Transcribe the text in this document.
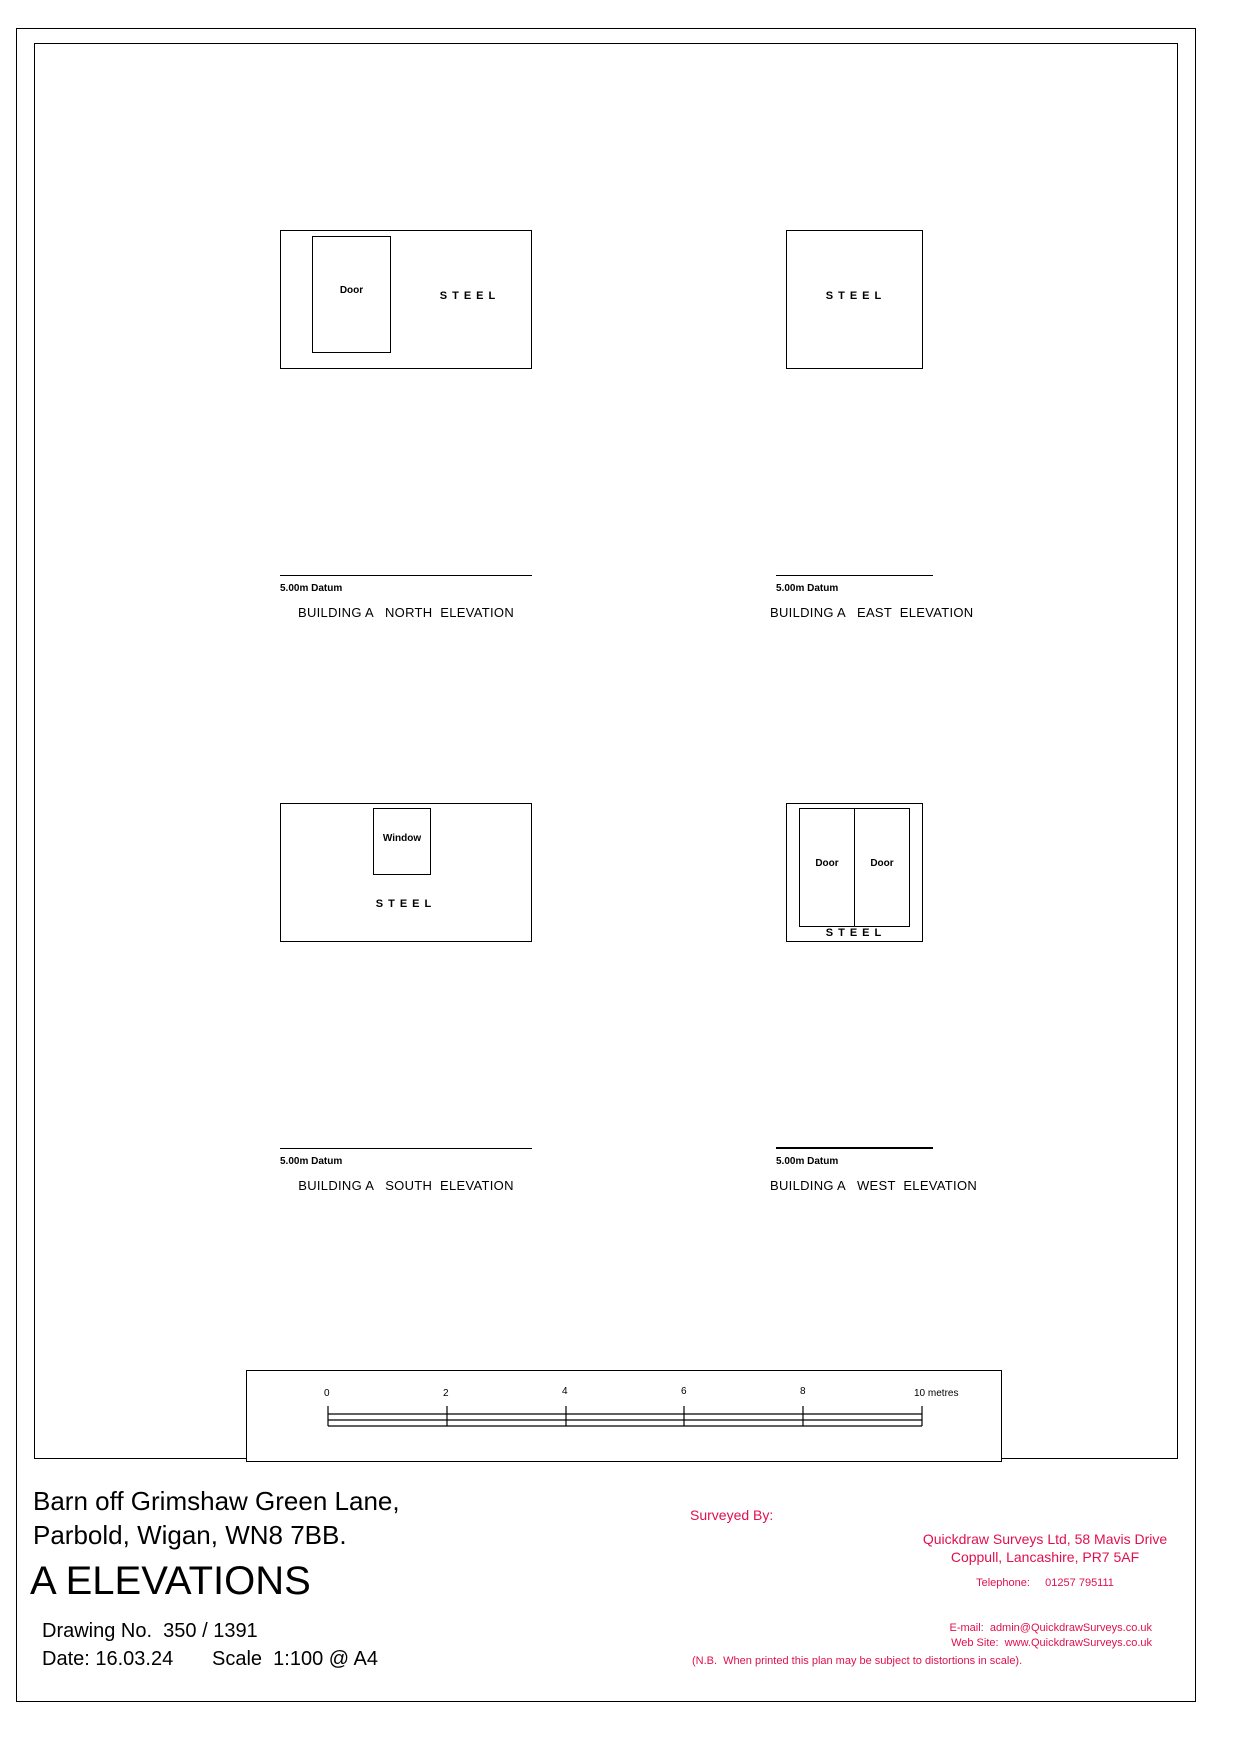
Door	STEEL
5.00m Datum
BUILDING A   NORTH  ELEVATION
STEEL
5.00m Datum
BUILDING A   EAST  ELEVATION
Window
STEEL
5.00m Datum
BUILDING A   SOUTH  ELEVATION
Door	Door
STEEL
5.00m Datum
BUILDING A   WEST  ELEVATION
0	2	4	6	8	10 metres
Barn off Grimshaw Green Lane,
Parbold, Wigan, WN8 7BB.
A ELEVATIONS
Drawing No.  350 / 1391
Date: 16.03.24 Scale  1:100 @ A4
Surveyed By:
Quickdraw Surveys Ltd, 58 Mavis Drive
Coppull, Lancashire, PR7 5AF
Telephone:     01257 795111
E-mail:  admin@QuickdrawSurveys.co.uk
Web Site:  www.QuickdrawSurveys.co.uk
(N.B.  When printed this plan may be subject to distortions in scale).
